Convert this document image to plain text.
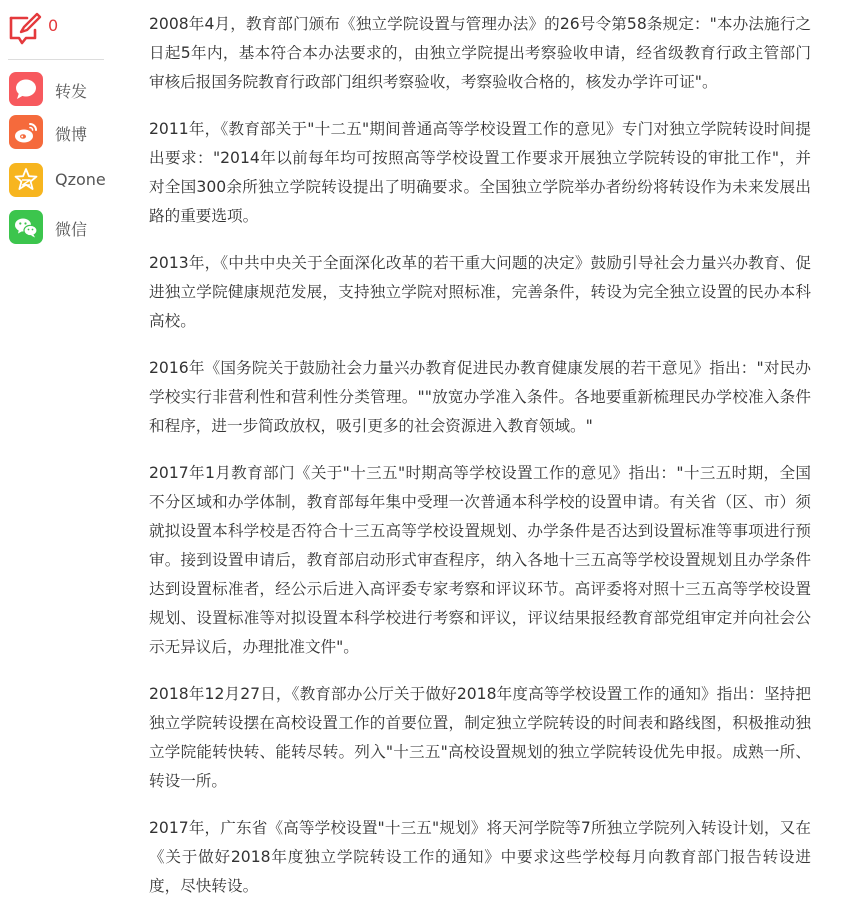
0
转发
微博
Qzone
微信

2008年4月，教育部门颁布《独立学院设置与管理办法》的26号令第58条规定："本办法施行之日起5年内，基本符合本办法要求的，由独立学院提出考察验收申请，经省级教育行政主管部门审核后报国务院教育行政部门组织考察验收，考察验收合格的，核发办学许可证"。

2011年，《教育部关于"十二五"期间普通高等学校设置工作的意见》专门对独立学院转设时间提出要求："2014年以前每年均可按照高等学校设置工作要求开展独立学院转设的审批工作"，并对全国300余所独立学院转设提出了明确要求。全国独立学院举办者纷纷将转设作为未来发展出路的重要选项。

2013年，《中共中央关于全面深化改革的若干重大问题的决定》鼓励引导社会力量兴办教育、促进独立学院健康规范发展，支持独立学院对照标准，完善条件，转设为完全独立设置的民办本科高校。

2016年《国务院关于鼓励社会力量兴办教育促进民办教育健康发展的若干意见》指出："对民办学校实行非营利性和营利性分类管理。""放宽办学准入条件。各地要重新梳理民办学校准入条件和程序，进一步简政放权，吸引更多的社会资源进入教育领域。"

2017年1月教育部门《关于"十三五"时期高等学校设置工作的意见》指出："十三五时期，全国不分区域和办学体制，教育部每年集中受理一次普通本科学校的设置申请。有关省（区、市）须就拟设置本科学校是否符合十三五高等学校设置规划、办学条件是否达到设置标准等事项进行预审。接到设置申请后，教育部启动形式审查程序，纳入各地十三五高等学校设置规划且办学条件达到设置标准者，经公示后进入高评委专家考察和评议环节。高评委将对照十三五高等学校设置规划、设置标准等对拟设置本科学校进行考察和评议，评议结果报经教育部党组审定并向社会公示无异议后，办理批准文件"。

2018年12月27日，《教育部办公厅关于做好2018年度高等学校设置工作的通知》指出：坚持把独立学院转设摆在高校设置工作的首要位置，制定独立学院转设的时间表和路线图，积极推动独立学院能转快转、能转尽转。列入"十三五"高校设置规划的独立学院转设优先申报。成熟一所、转设一所。

2017年，广东省《高等学校设置"十三五"规划》将天河学院等7所独立学院列入转设计划，又在《关于做好2018年度独立学院转设工作的通知》中要求这些学校每月向教育部门报告转设进度，尽快转设。
